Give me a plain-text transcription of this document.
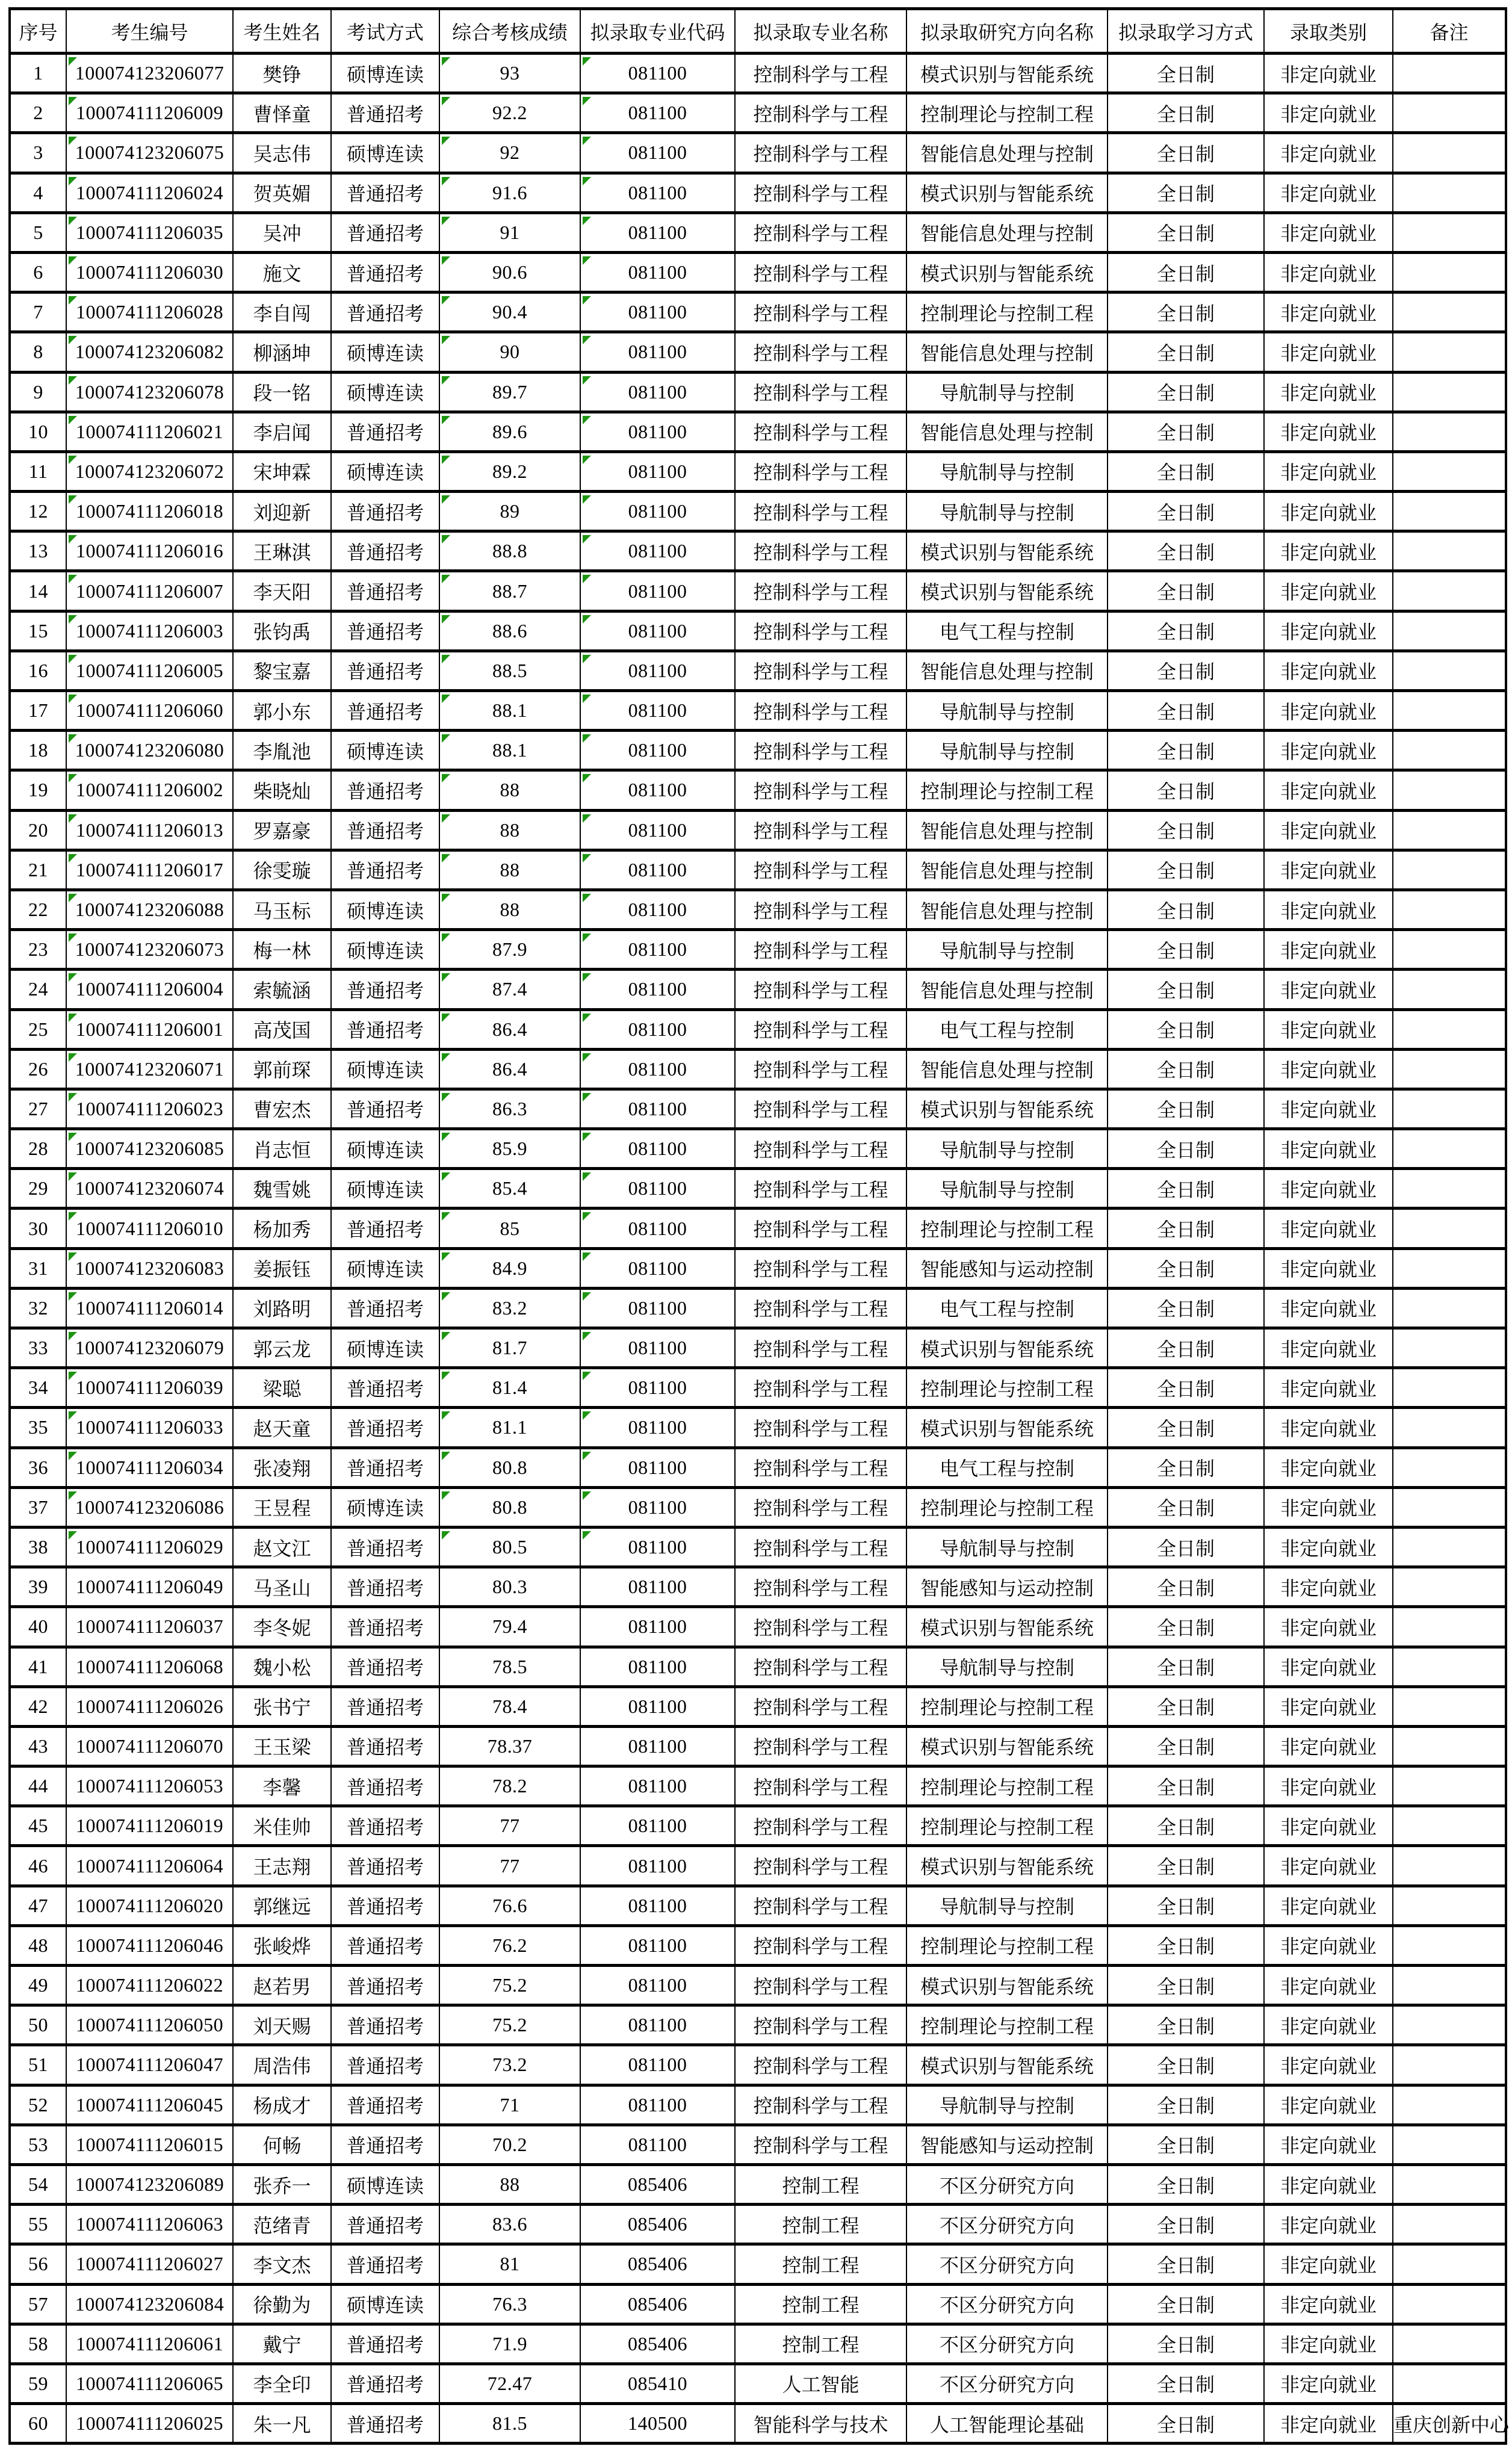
序号	考生编号	考生姓名	考试方式	综合考核成绩	拟录取专业代码	拟录取专业名称	拟录取研究方向名称	拟录取学习方式	录取类别	备注
1	100074123206077	樊铮	硕博连读	93	081100	控制科学与工程	模式识别与智能系统	全日制	非定向就业	
2	100074111206009	曹怿童	普通招考	92.2	081100	控制科学与工程	控制理论与控制工程	全日制	非定向就业	
3	100074123206075	吴志伟	硕博连读	92	081100	控制科学与工程	智能信息处理与控制	全日制	非定向就业	
4	100074111206024	贺英媚	普通招考	91.6	081100	控制科学与工程	模式识别与智能系统	全日制	非定向就业	
5	100074111206035	吴冲	普通招考	91	081100	控制科学与工程	智能信息处理与控制	全日制	非定向就业	
6	100074111206030	施文	普通招考	90.6	081100	控制科学与工程	模式识别与智能系统	全日制	非定向就业	
7	100074111206028	李自闯	普通招考	90.4	081100	控制科学与工程	控制理论与控制工程	全日制	非定向就业	
8	100074123206082	柳涵坤	硕博连读	90	081100	控制科学与工程	智能信息处理与控制	全日制	非定向就业	
9	100074123206078	段一铭	硕博连读	89.7	081100	控制科学与工程	导航制导与控制	全日制	非定向就业	
10	100074111206021	李启闻	普通招考	89.6	081100	控制科学与工程	智能信息处理与控制	全日制	非定向就业	
11	100074123206072	宋坤霖	硕博连读	89.2	081100	控制科学与工程	导航制导与控制	全日制	非定向就业	
12	100074111206018	刘迎新	普通招考	89	081100	控制科学与工程	导航制导与控制	全日制	非定向就业	
13	100074111206016	王琳淇	普通招考	88.8	081100	控制科学与工程	模式识别与智能系统	全日制	非定向就业	
14	100074111206007	李天阳	普通招考	88.7	081100	控制科学与工程	模式识别与智能系统	全日制	非定向就业	
15	100074111206003	张钧禹	普通招考	88.6	081100	控制科学与工程	电气工程与控制	全日制	非定向就业	
16	100074111206005	黎宝嘉	普通招考	88.5	081100	控制科学与工程	智能信息处理与控制	全日制	非定向就业	
17	100074111206060	郭小东	普通招考	88.1	081100	控制科学与工程	导航制导与控制	全日制	非定向就业	
18	100074123206080	李胤池	硕博连读	88.1	081100	控制科学与工程	导航制导与控制	全日制	非定向就业	
19	100074111206002	柴晓灿	普通招考	88	081100	控制科学与工程	控制理论与控制工程	全日制	非定向就业	
20	100074111206013	罗嘉豪	普通招考	88	081100	控制科学与工程	智能信息处理与控制	全日制	非定向就业	
21	100074111206017	徐雯璇	普通招考	88	081100	控制科学与工程	智能信息处理与控制	全日制	非定向就业	
22	100074123206088	马玉标	硕博连读	88	081100	控制科学与工程	智能信息处理与控制	全日制	非定向就业	
23	100074123206073	梅一林	硕博连读	87.9	081100	控制科学与工程	导航制导与控制	全日制	非定向就业	
24	100074111206004	索毓涵	普通招考	87.4	081100	控制科学与工程	智能信息处理与控制	全日制	非定向就业	
25	100074111206001	高茂国	普通招考	86.4	081100	控制科学与工程	电气工程与控制	全日制	非定向就业	
26	100074123206071	郭前琛	硕博连读	86.4	081100	控制科学与工程	智能信息处理与控制	全日制	非定向就业	
27	100074111206023	曹宏杰	普通招考	86.3	081100	控制科学与工程	模式识别与智能系统	全日制	非定向就业	
28	100074123206085	肖志恒	硕博连读	85.9	081100	控制科学与工程	导航制导与控制	全日制	非定向就业	
29	100074123206074	魏雪姚	硕博连读	85.4	081100	控制科学与工程	导航制导与控制	全日制	非定向就业	
30	100074111206010	杨加秀	普通招考	85	081100	控制科学与工程	控制理论与控制工程	全日制	非定向就业	
31	100074123206083	姜振钰	硕博连读	84.9	081100	控制科学与工程	智能感知与运动控制	全日制	非定向就业	
32	100074111206014	刘路明	普通招考	83.2	081100	控制科学与工程	电气工程与控制	全日制	非定向就业	
33	100074123206079	郭云龙	硕博连读	81.7	081100	控制科学与工程	模式识别与智能系统	全日制	非定向就业	
34	100074111206039	梁聪	普通招考	81.4	081100	控制科学与工程	控制理论与控制工程	全日制	非定向就业	
35	100074111206033	赵天童	普通招考	81.1	081100	控制科学与工程	模式识别与智能系统	全日制	非定向就业	
36	100074111206034	张凌翔	普通招考	80.8	081100	控制科学与工程	电气工程与控制	全日制	非定向就业	
37	100074123206086	王昱程	硕博连读	80.8	081100	控制科学与工程	控制理论与控制工程	全日制	非定向就业	
38	100074111206029	赵文江	普通招考	80.5	081100	控制科学与工程	导航制导与控制	全日制	非定向就业	
39	100074111206049	马圣山	普通招考	80.3	081100	控制科学与工程	智能感知与运动控制	全日制	非定向就业	
40	100074111206037	李冬妮	普通招考	79.4	081100	控制科学与工程	模式识别与智能系统	全日制	非定向就业	
41	100074111206068	魏小松	普通招考	78.5	081100	控制科学与工程	导航制导与控制	全日制	非定向就业	
42	100074111206026	张书宁	普通招考	78.4	081100	控制科学与工程	控制理论与控制工程	全日制	非定向就业	
43	100074111206070	王玉梁	普通招考	78.37	081100	控制科学与工程	模式识别与智能系统	全日制	非定向就业	
44	100074111206053	李馨	普通招考	78.2	081100	控制科学与工程	控制理论与控制工程	全日制	非定向就业	
45	100074111206019	米佳帅	普通招考	77	081100	控制科学与工程	控制理论与控制工程	全日制	非定向就业	
46	100074111206064	王志翔	普通招考	77	081100	控制科学与工程	模式识别与智能系统	全日制	非定向就业	
47	100074111206020	郭继远	普通招考	76.6	081100	控制科学与工程	导航制导与控制	全日制	非定向就业	
48	100074111206046	张峻烨	普通招考	76.2	081100	控制科学与工程	控制理论与控制工程	全日制	非定向就业	
49	100074111206022	赵若男	普通招考	75.2	081100	控制科学与工程	模式识别与智能系统	全日制	非定向就业	
50	100074111206050	刘天赐	普通招考	75.2	081100	控制科学与工程	控制理论与控制工程	全日制	非定向就业	
51	100074111206047	周浩伟	普通招考	73.2	081100	控制科学与工程	模式识别与智能系统	全日制	非定向就业	
52	100074111206045	杨成才	普通招考	71	081100	控制科学与工程	导航制导与控制	全日制	非定向就业	
53	100074111206015	何畅	普通招考	70.2	081100	控制科学与工程	智能感知与运动控制	全日制	非定向就业	
54	100074123206089	张乔一	硕博连读	88	085406	控制工程	不区分研究方向	全日制	非定向就业	
55	100074111206063	范绪青	普通招考	83.6	085406	控制工程	不区分研究方向	全日制	非定向就业	
56	100074111206027	李文杰	普通招考	81	085406	控制工程	不区分研究方向	全日制	非定向就业	
57	100074123206084	徐勤为	硕博连读	76.3	085406	控制工程	不区分研究方向	全日制	非定向就业	
58	100074111206061	戴宁	普通招考	71.9	085406	控制工程	不区分研究方向	全日制	非定向就业	
59	100074111206065	李全印	普通招考	72.47	085410	人工智能	不区分研究方向	全日制	非定向就业	
60	100074111206025	朱一凡	普通招考	81.5	140500	智能科学与技术	人工智能理论基础	全日制	非定向就业	重庆创新中心
